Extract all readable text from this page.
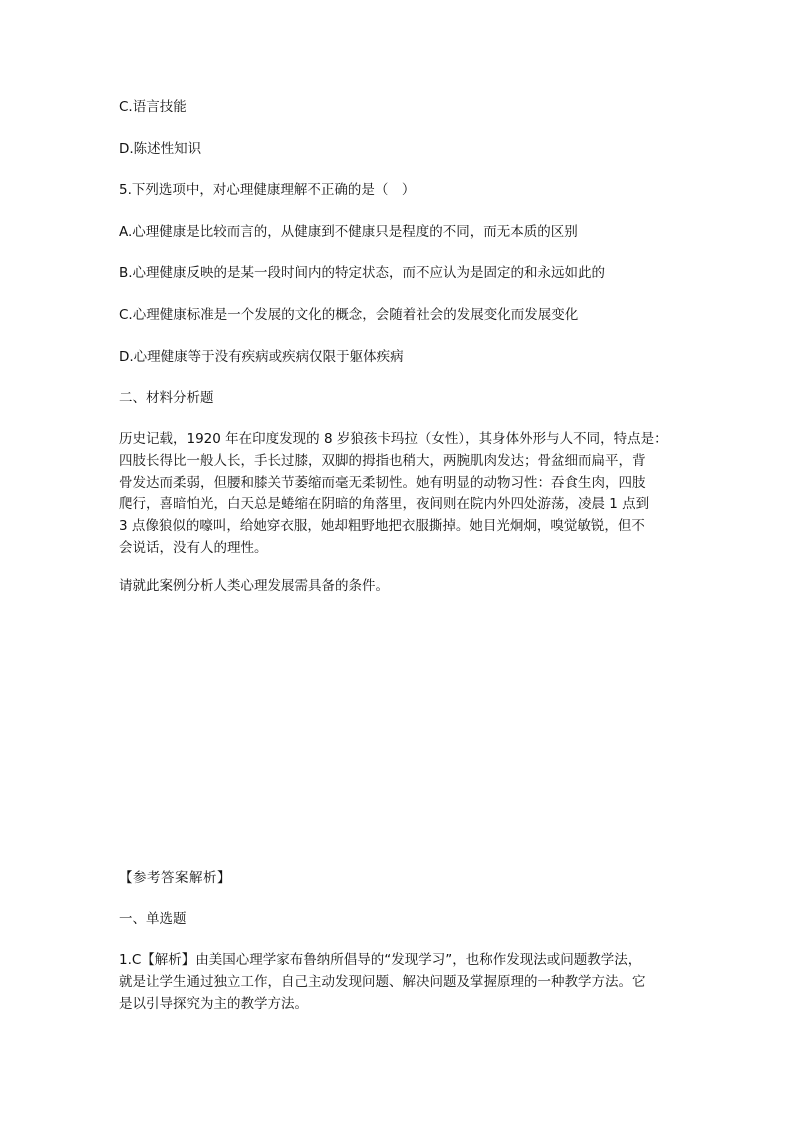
C.语言技能
D.陈述性知识
5.下列选项中，对心理健康理解不正确的是（　）
A.心理健康是比较而言的，从健康到不健康只是程度的不同，而无本质的区别
B.心理健康反映的是某一段时间内的特定状态，而不应认为是固定的和永远如此的
C.心理健康标准是一个发展的文化的概念，会随着社会的发展变化而发展变化
D.心理健康等于没有疾病或疾病仅限于躯体疾病
二、材料分析题

历史记载，1920 年在印度发现的 8 岁狼孩卡玛拉（女性），其身体外形与人不同，特点是：

四肢长得比一般人长，手长过膝，双脚的拇指也稍大，两腕肌肉发达；骨盆细而扁平，背

骨发达而柔弱，但腰和膝关节萎缩而毫无柔韧性。她有明显的动物习性：吞食生肉，四肢

爬行，喜暗怕光，白天总是蜷缩在阴暗的角落里，夜间则在院内外四处游荡，凌晨 1 点到

3 点像狼似的嚎叫，给她穿衣服，她却粗野地把衣服撕掉。她目光炯炯，嗅觉敏锐，但不

会说话，没有人的理性。

请就此案例分析人类心理发展需具备的条件。
【参考答案解析】
一、单选题

1.C【解析】由美国心理学家布鲁纳所倡导的“发现学习”，也称作发现法或问题教学法，

就是让学生通过独立工作，自己主动发现问题、解决问题及掌握原理的一种教学方法。它

是以引导探究为主的教学方法。
